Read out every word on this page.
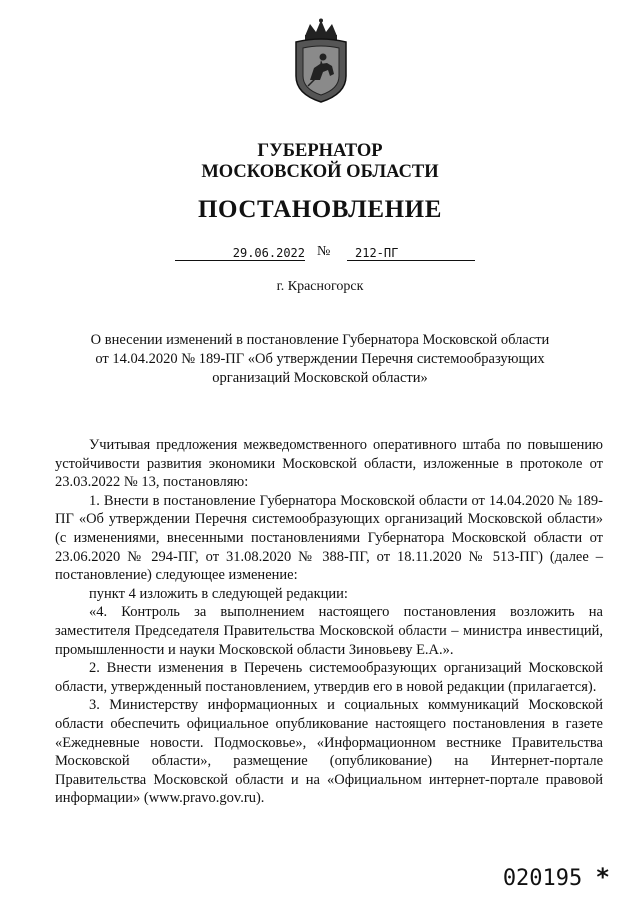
ГУБЕРНАТОР
МОСКОВСКОЙ ОБЛАСТИ
ПОСТАНОВЛЕНИЕ
29.06.2022 №	212-ПГ
г. Красногорск
О внесении изменений в постановление Губернатора Московской области
от 14.04.2020 № 189-ПГ «Об утверждении Перечня системообразующих
организаций Московской области»

Учитывая предложения межведомственного оперативного штаба по повышению устойчивости развития экономики Московской области, изложенные в протоколе от 23.03.2022 № 13, постановляю:

1. Внести в постановление Губернатора Московской области от 14.04.2020 № 189-ПГ «Об утверждении Перечня системообразующих организаций Московской области» (с изменениями, внесенными постановлениями Губернатора Московской области от 23.06.2020 № 294-ПГ, от 31.08.2020 № 388-ПГ, от 18.11.2020 № 513-ПГ) (далее – постановление) следующее изменение:

пункт 4 изложить в следующей редакции:

«4. Контроль за выполнением настоящего постановления возложить на заместителя Председателя Правительства Московской области – министра инвестиций, промышленности и науки Московской области Зиновьеву Е.А.».

2. Внести изменения в Перечень системообразующих организаций Московской области, утвержденный постановлением, утвердив его в новой редакции (прилагается).

3. Министерству информационных и социальных коммуникаций Московской области обеспечить официальное опубликование настоящего постановления в газете «Ежедневные новости. Подмосковье», «Информационном вестнике Правительства Московской области», размещение (опубликование) на Интернет-портале Правительства Московской области и на «Официальном интернет-портале правовой информации» (www.pravo.gov.ru).

020195 *
